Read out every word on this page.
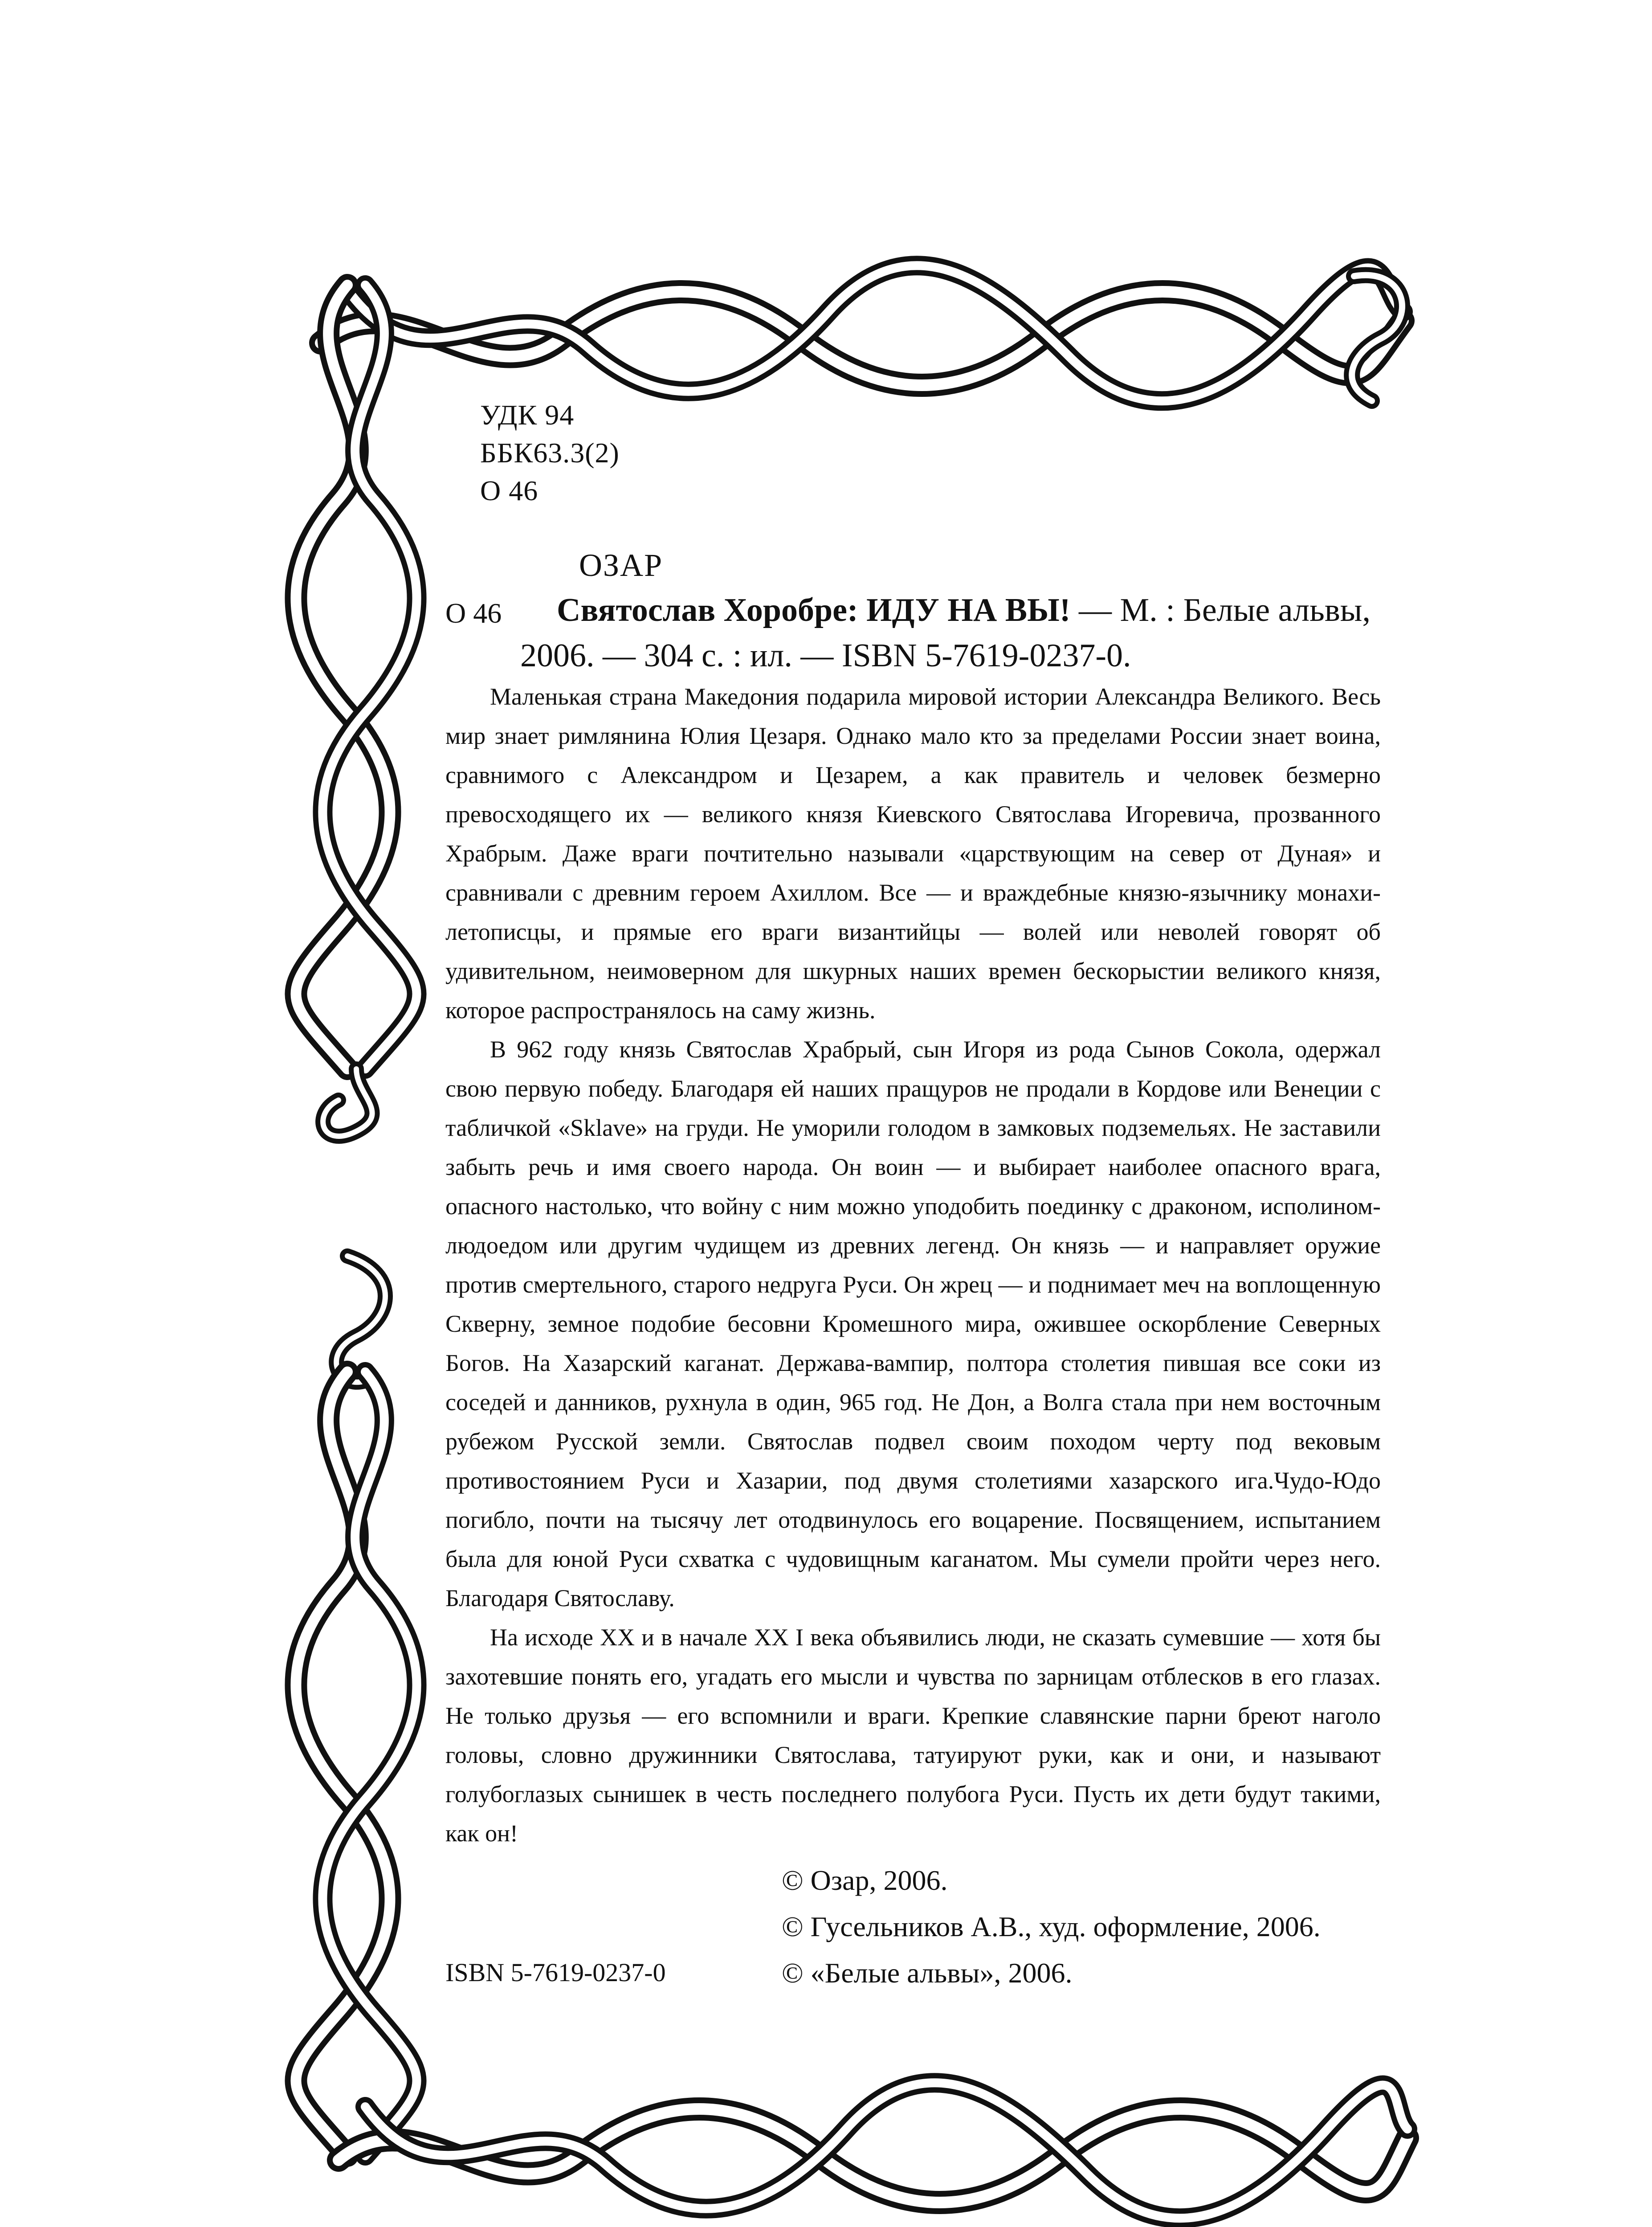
УДК 94
ББК63.3(2)
О 46
ОЗАР
О 46 Святослав Хоробре: ИДУ НА ВЫ! — М. : Белые альвы,
2006. — 304 с. : ил. — ISBN 5-7619-0237-0.

Маленькая страна Македония подарила мировой истории Александра Великого. Весь мир знает римлянина Юлия Цезаря. Однако мало кто за пределами России знает воина, сравнимого с Александром и Цезарем, а как правитель и человек безмерно превосходящего их — великого князя Киевского Святослава Игоревича, прозванного Храбрым. Даже враги почтительно называли «царствующим на север от Дуная» и сравнивали с древним героем Ахиллом. Все — и враждебные князю-язычнику монахи-летописцы, и прямые его враги византийцы — волей или неволей говорят об удивительном, неимоверном для шкурных наших времен бескорыстии великого князя, которое распространялось на саму жизнь.

В 962 году князь Святослав Храбрый, сын Игоря из рода Сынов Сокола, одержал свою первую победу. Благодаря ей наших пращуров не продали в Кордове или Венеции с табличкой «Sklave» на груди. Не уморили голодом в замковых подземельях. Не заставили забыть речь и имя своего народа. Он воин — и выбирает наиболее опасного врага, опасного настолько, что войну с ним можно уподобить поединку с драконом, исполином-людоедом или другим чудищем из древних легенд. Он князь — и направляет оружие против смертельного, старого недруга Руси. Он жрец — и поднимает меч на воплощенную Скверну, земное подобие бесовни Кромешного мира, ожившее оскорбление Северных Богов. На Хазарский каганат. Держава-вампир, полтора столетия пившая все соки из соседей и данников, рухнула в один, 965 год. Не Дон, а Волга стала при нем восточным рубежом Русской земли. Святослав подвел своим походом черту под вековым противостоянием Руси и Хазарии, под двумя столетиями хазарского ига.Чудо-Юдо погибло, почти на тысячу лет отодвинулось его воцарение. Посвящением, испытанием была для юной Руси схватка с чудовищным каганатом. Мы сумели пройти через него. Благодаря Святославу.

На исходе XX и в начале XX I века объявились люди, не сказать сумевшие — хотя бы захотевшие понять его, угадать его мысли и чувства по зарницам отблесков в его глазах. Не только друзья — его вспомнили и враги. Крепкие славянские парни бреют наголо головы, словно дружинники Святослава, татуируют руки, как и они, и называют голубоглазых сынишек в честь последнего полубога Руси. Пусть их дети будут такими, как он!

© Озар, 2006.
© Гусельников А.В., худ. оформление, 2006.
© «Белые альвы», 2006.
ISBN 5-7619-0237-0
